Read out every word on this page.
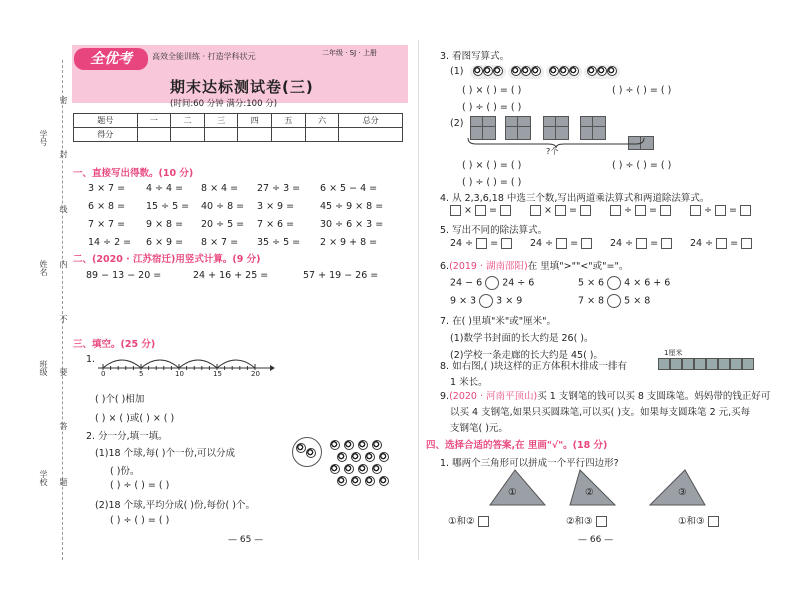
学号
姓名
班级
学校
密
封
线
内
不
要
答
题
全优考	高效全能训练 · 打造学科状元	二年级 · SJ · 上册
期末达标测试卷(三)
(时间:60 分钟 满分:100 分)
题号	一	二	三	四	五	六	总分
得分							
一、直接写出得数。(10 分)
3 × 7 = 4 ÷ 4 = 8 × 4 = 27 ÷ 3 = 6 × 5 − 4 =
6 × 8 = 15 ÷ 5 = 40 ÷ 8 = 3 × 9 =	45 ÷ 9 × 8 =
7 × 7 = 9 × 8 = 20 ÷ 5 = 7 × 6 =	30 ÷ 6 × 3 =
14 ÷ 2 = 6 × 9 = 8 × 7 = 35 ÷ 5 = 2 × 9 + 8 =
二、(2020 · 江苏宿迁)用竖式计算。(9 分)
89 − 13 − 20 =	24 + 16 + 25 =	57 + 19 − 26 =
三、填空。(25 分)
1.
0	5	10	15	20
( )个( )相加
( ) × ( )或( ) × ( )
2. 分一分,填一填。
(1)18 个球,每( )个一份,可以分成
( )份。
( ) ÷ ( ) = ( )
(2)18 个球,平均分成( )份,每份( )个。
( ) ÷ ( ) = ( )
— 65 —
3. 看图写算式。
(1)
( ) × ( ) = ( )	( ) ÷ ( ) = ( )
( ) ÷ ( ) = ( )
(2)
?个
( ) × ( ) = ( )	( ) ÷ ( ) = ( )
( ) ÷ ( ) = ( )
4. 从 2,3,6,18 中选三个数,写出两道乘法算式和两道除法算式。
×  =	×  =	÷  =	÷  =
5. 写出不同的除法算式。
24 ÷ =	24 ÷ =	24 ÷ =	24 ÷ =
6.(2019 · 湖南邵阳)在 里填">""<"或"="。
24 − 6 24 ÷ 6	5 × 6 4 × 6 + 6
9 × 3 3 × 9	7 × 8 5 × 8
7. 在( )里填"米"或"厘米"。
(1)数学书封面的长大约是 26( )。
(2)学校一条走廊的长大约是 45( )。
8. 如右图,( )块这样的正方体积木排成一排有
1 米长。
1厘米
9.(2020 · 河南平顶山)买 1 支钢笔的钱可以买 8 支圆珠笔。妈妈带的钱正好可
以买 4 支钢笔,如果只买圆珠笔,可以买( )支。如果每支圆珠笔 2 元,买每
支钢笔( )元。
四、选择合适的答案,在 里画"√"。(18 分)
1. 哪两个三角形可以拼成一个平行四边形?
①	②	③
①和②	②和③	①和③
— 66 —
